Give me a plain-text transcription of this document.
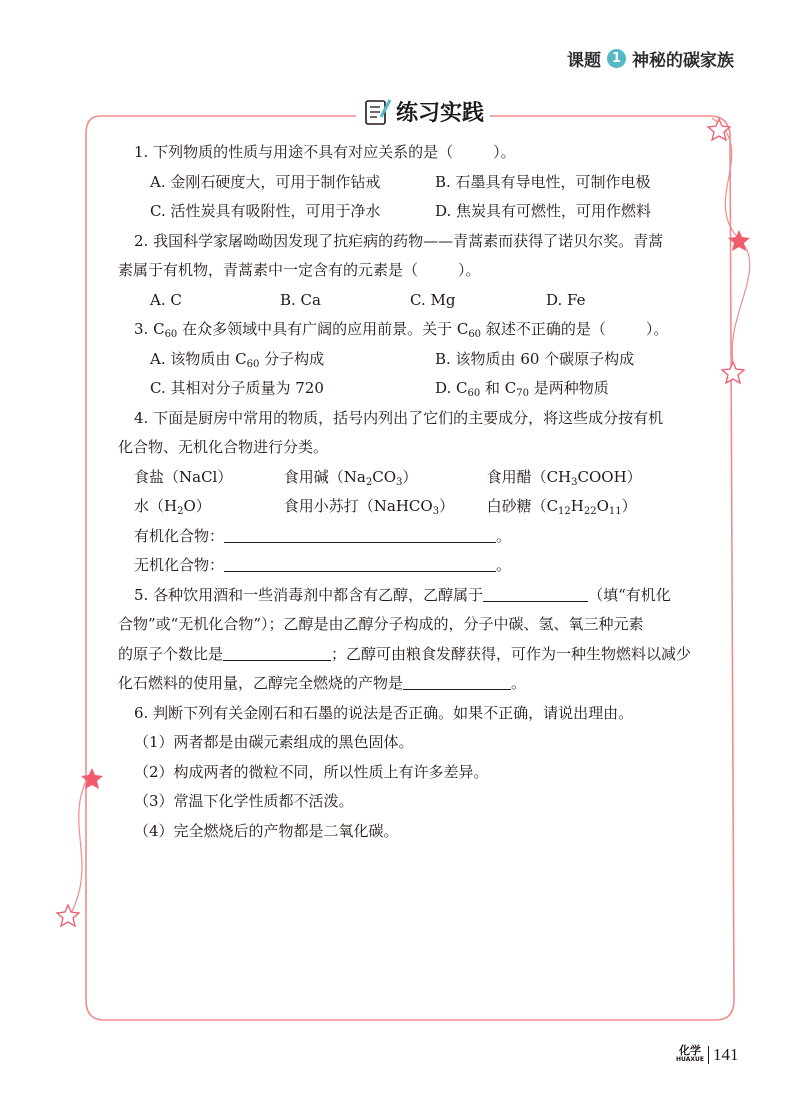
课题 1 神秘的碳家族
练习实践
1. 下列物质的性质与用途不具有对应关系的是（	）。
A. 金刚石硬度大，可用于制作钻戒	B. 石墨具有导电性，可制作电极
C. 活性炭具有吸附性，可用于净水	D. 焦炭具有可燃性，可用作燃料
2. 我国科学家屠呦呦因发现了抗疟病的药物——青蒿素而获得了诺贝尔奖。青蒿
素属于有机物，青蒿素中一定含有的元素是（	）。
A. C	B. Ca	C. Mg	D. Fe
3. $C_{60}$ 在众多领域中具有广阔的应用前景。关于 $C_{60}$ 叙述不正确的是（	）。
A. 该物质由 $C_{60}$ 分子构成	B. 该物质由 60 个碳原子构成
C. 其相对分子质量为 720	D. $C_{60}$ 和 $C_{70}$ 是两种物质
4. 下面是厨房中常用的物质，括号内列出了它们的主要成分，将这些成分按有机
化合物、无机化合物进行分类。
食盐（NaCl）	食用碱$(Na_2CO_3)$	食用醋$(CH_3COOH)$
水$(H_2O)$	食用小苏打（NaHCO$_3$） 白砂糖$(C_{12}H_{22}O_{11})$
有机化合物：	。
无机化合物：	。
5. 各种饮用酒和一些消毒剂中都含有乙醇，乙醇属于	（填“有机化
合物”或“无机化合物”）；乙醇是由乙醇分子构成的，分子中碳、氢、氧三种元素
的原子个数比是	；乙醇可由粮食发酵获得，可作为一种生物燃料以减少
化石燃料的使用量，乙醇完全燃烧的产物是	。
6. 判断下列有关金刚石和石墨的说法是否正确。如果不正确，请说出理由。
（1）两者都是由碳元素组成的黑色固体。
（2）构成两者的微粒不同，所以性质上有许多差异。
（3）常温下化学性质都不活泼。
（4）完全燃烧后的产物都是二氧化碳。
化学
HUAXUE 141
